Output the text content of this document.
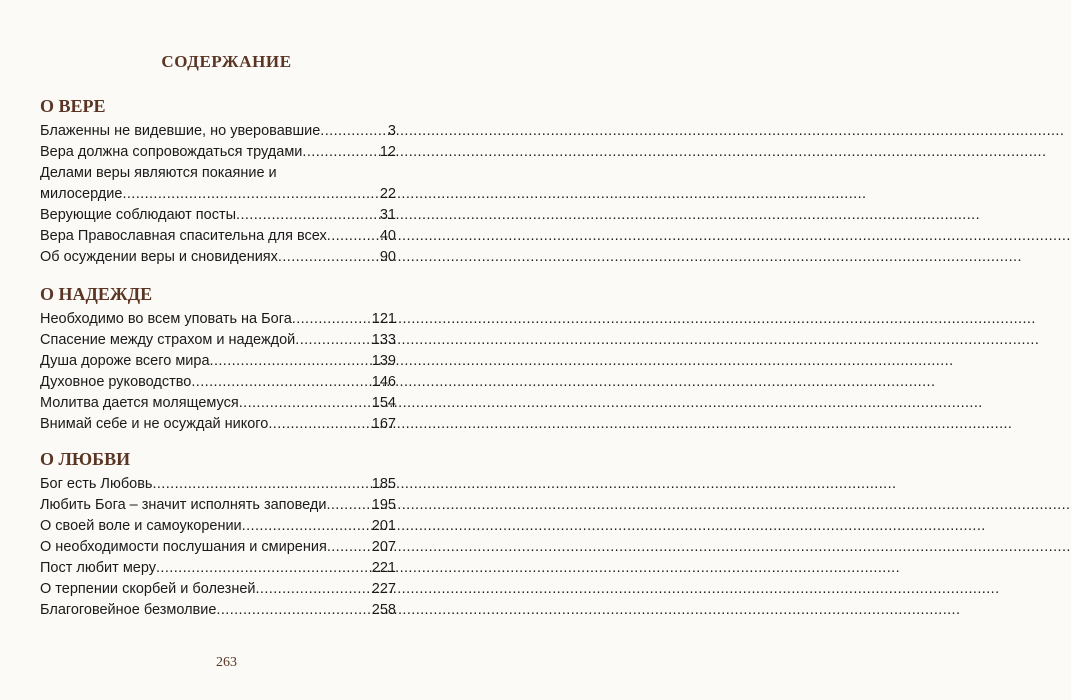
СОДЕРЖАНИЕ
О ВЕРЕ
Блаженны не видевшие, но уверовавшие .....	3
Вера должна сопровождаться трудами .....	12
Делами веры являются покаяние и
милосердие .....	22
Верующие соблюдают посты .....	31
Вера Православная спасительна для всех .....	40
Об осуждении веры и сновидениях .....	90
О НАДЕЖДЕ
Необходимо во всем уповать на Бога .....	121
Спасение между страхом и надеждой .....	133
Душа дороже всего мира .....	139
Духовное руководство .....	146
Молитва дается молящемуся .....	154
Внимай себе и не осуждай никого .....	167
О ЛЮБВИ
Бог есть Любовь .....	185
Любить Бога – значит исполнять заповеди .....	195
О своей воле и самоукорении .....	201
О необходимости послушания и смирения .....	207
Пост любит меру .....	221
О терпении скорбей и болезней .....	227
Благоговейное безмолвие .....	258
263
